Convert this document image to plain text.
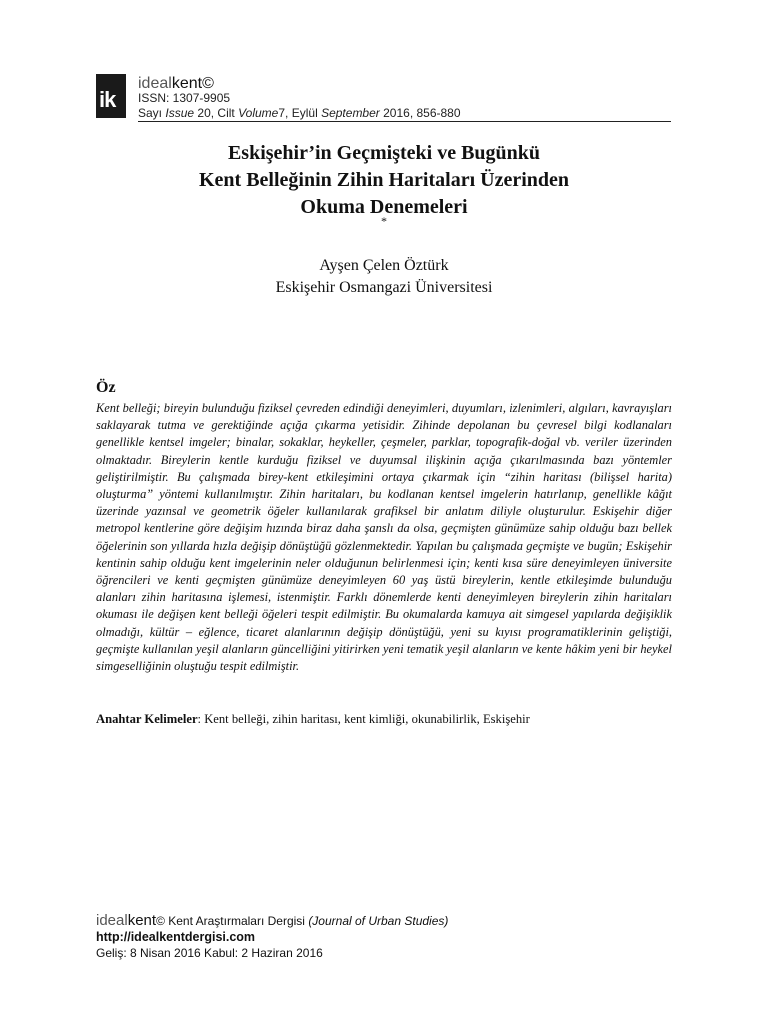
ik
idealkent©
ISSN: 1307-9905
Sayı Issue 20, Cilt Volume7, Eylül September 2016, 856-880
Eskişehir’in Geçmişteki ve Bugünkü
Kent Belleğinin Zihin Haritaları Üzerinden
Okuma Denemeleri
*
Ayşen Çelen Öztürk
Eskişehir Osmangazi Üniversitesi
Öz

Kent belleği; bireyin bulunduğu fiziksel çevreden edindiği deneyimleri, duyumları, izlenimleri, algıları, kavrayışları saklayarak tutma ve gerektiğinde açığa çıkarma yetisidir. Zihinde depolanan bu çevresel bilgi kodlanaları genellikle kentsel imgeler; binalar, sokaklar, heykeller, çeşmeler, parklar, topografik-doğal vb. veriler üzerinden olmaktadır. Bireylerin kentle kurduğu fiziksel ve duyumsal ilişkinin açığa çıkarılmasında bazı yöntemler geliştirilmiştir. Bu çalışmada birey-kent etkileşimini ortaya çıkarmak için “zihin haritası (bilişsel harita) oluşturma” yöntemi kullanılmıştır. Zihin haritaları, bu kodlanan kentsel imgelerin hatırlanıp, genellikle kâğıt üzerinde yazınsal ve geometrik öğeler kullanılarak grafiksel bir anlatım diliyle oluşturulur. Eskişehir diğer metropol kentlerine göre değişim hızında biraz daha şanslı da olsa, geçmişten günümüze sahip olduğu bazı bellek öğelerinin son yıllarda hızla değişip dönüştüğü gözlenmektedir. Yapılan bu çalışmada geçmişte ve bugün; Eskişehir kentinin sahip olduğu kent imgelerinin neler olduğunun belirlenmesi için; kenti kısa süre deneyimleyen üniversite öğrencileri ve kenti geçmişten günümüze deneyimleyen 60 yaş üstü bireylerin, kentle etkileşimde bulunduğu alanları zihin haritasına işlemesi, istenmiştir. Farklı dönemlerde kenti deneyimleyen bireylerin zihin haritaları okuması ile değişen kent belleği öğeleri tespit edilmiştir. Bu okumalarda kamuya ait simgesel yapılarda değişiklik olmadığı, kültür – eğlence, ticaret alanlarının değişip dönüştüğü, yeni su kıyısı programatiklerinin geliştiği, geçmişte kullanılan yeşil alanların güncelliğini yitirirken yeni tematik yeşil alanların ve kente hâkim yeni bir heykel simgeselliğinin oluştuğu tespit edilmiştir.

Anahtar Kelimeler: Kent belleği, zihin haritası, kent kimliği, okunabilirlik, Eskişehir
idealkent© Kent Araştırmaları Dergisi (Journal of Urban Studies)
http://idealkentdergisi.com
Geliş: 8 Nisan 2016 Kabul: 2 Haziran 2016
